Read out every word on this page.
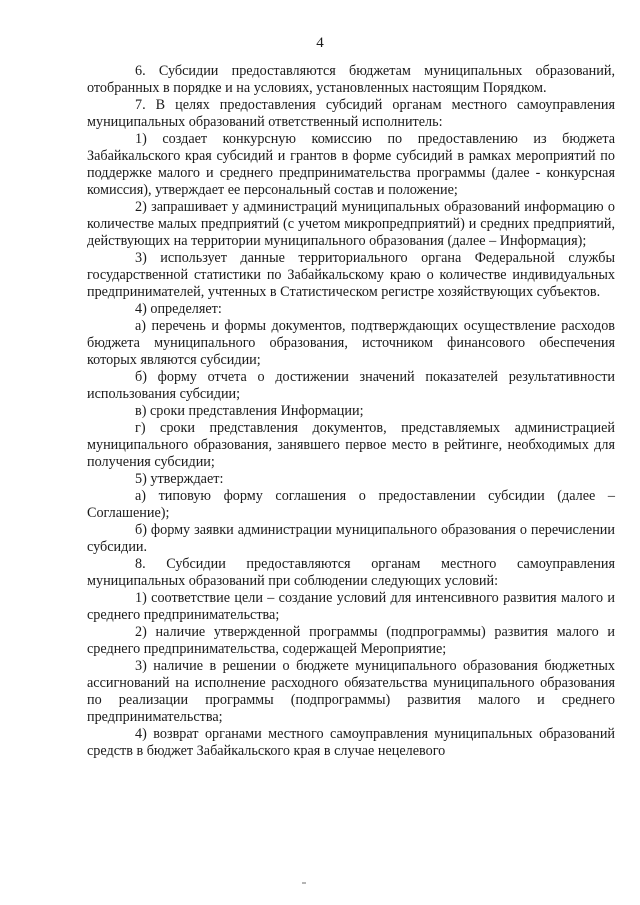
4

6. Субсидии предоставляются бюджетам муниципальных образований, отобранных в порядке и на условиях, установленных настоящим Порядком.

7. В целях предоставления субсидий органам местного самоуправления муниципальных образований ответственный исполнитель:

1) создает конкурсную комиссию по предоставлению из бюджета Забайкальского края субсидий и грантов в форме субсидий в рамках мероприятий по поддержке малого и среднего предпринимательства программы (далее - конкурсная комиссия), утверждает ее персональный состав и положение;

2) запрашивает у администраций муниципальных образований информацию о количестве малых предприятий (с учетом микропредприятий) и средних предприятий, действующих на территории муниципального образования (далее – Информация);

3) использует данные территориального органа Федеральной службы государственной статистики по Забайкальскому краю о количестве индивидуальных предпринимателей, учтенных в Статистическом регистре хозяйствующих субъектов.

4) определяет:

а) перечень и формы документов, подтверждающих осуществление расходов бюджета муниципального образования, источником финансового обеспечения которых являются субсидии;

б) форму отчета о достижении значений показателей результативности использования субсидии;

в) сроки представления Информации;

г) сроки представления документов, представляемых администрацией муниципального образования, занявшего первое место в рейтинге, необходимых для получения субсидии;

5) утверждает:

а) типовую форму соглашения о предоставлении субсидии (далее – Соглашение);

б) форму заявки администрации муниципального образования о перечислении субсидии.

8. Субсидии предоставляются органам местного самоуправления муниципальных образований при соблюдении следующих условий:

1) соответствие цели – создание условий для интенсивного развития малого и среднего предпринимательства;

2) наличие утвержденной программы (подпрограммы) развития малого и среднего предпринимательства, содержащей Мероприятие;

3) наличие в решении о бюджете муниципального образования бюджетных ассигнований на исполнение расходного обязательства муниципального образования по реализации программы (подпрограммы) развития малого и среднего предпринимательства;

4) возврат органами местного самоуправления муниципальных образований средств в бюджет Забайкальского края в случае нецелевого
